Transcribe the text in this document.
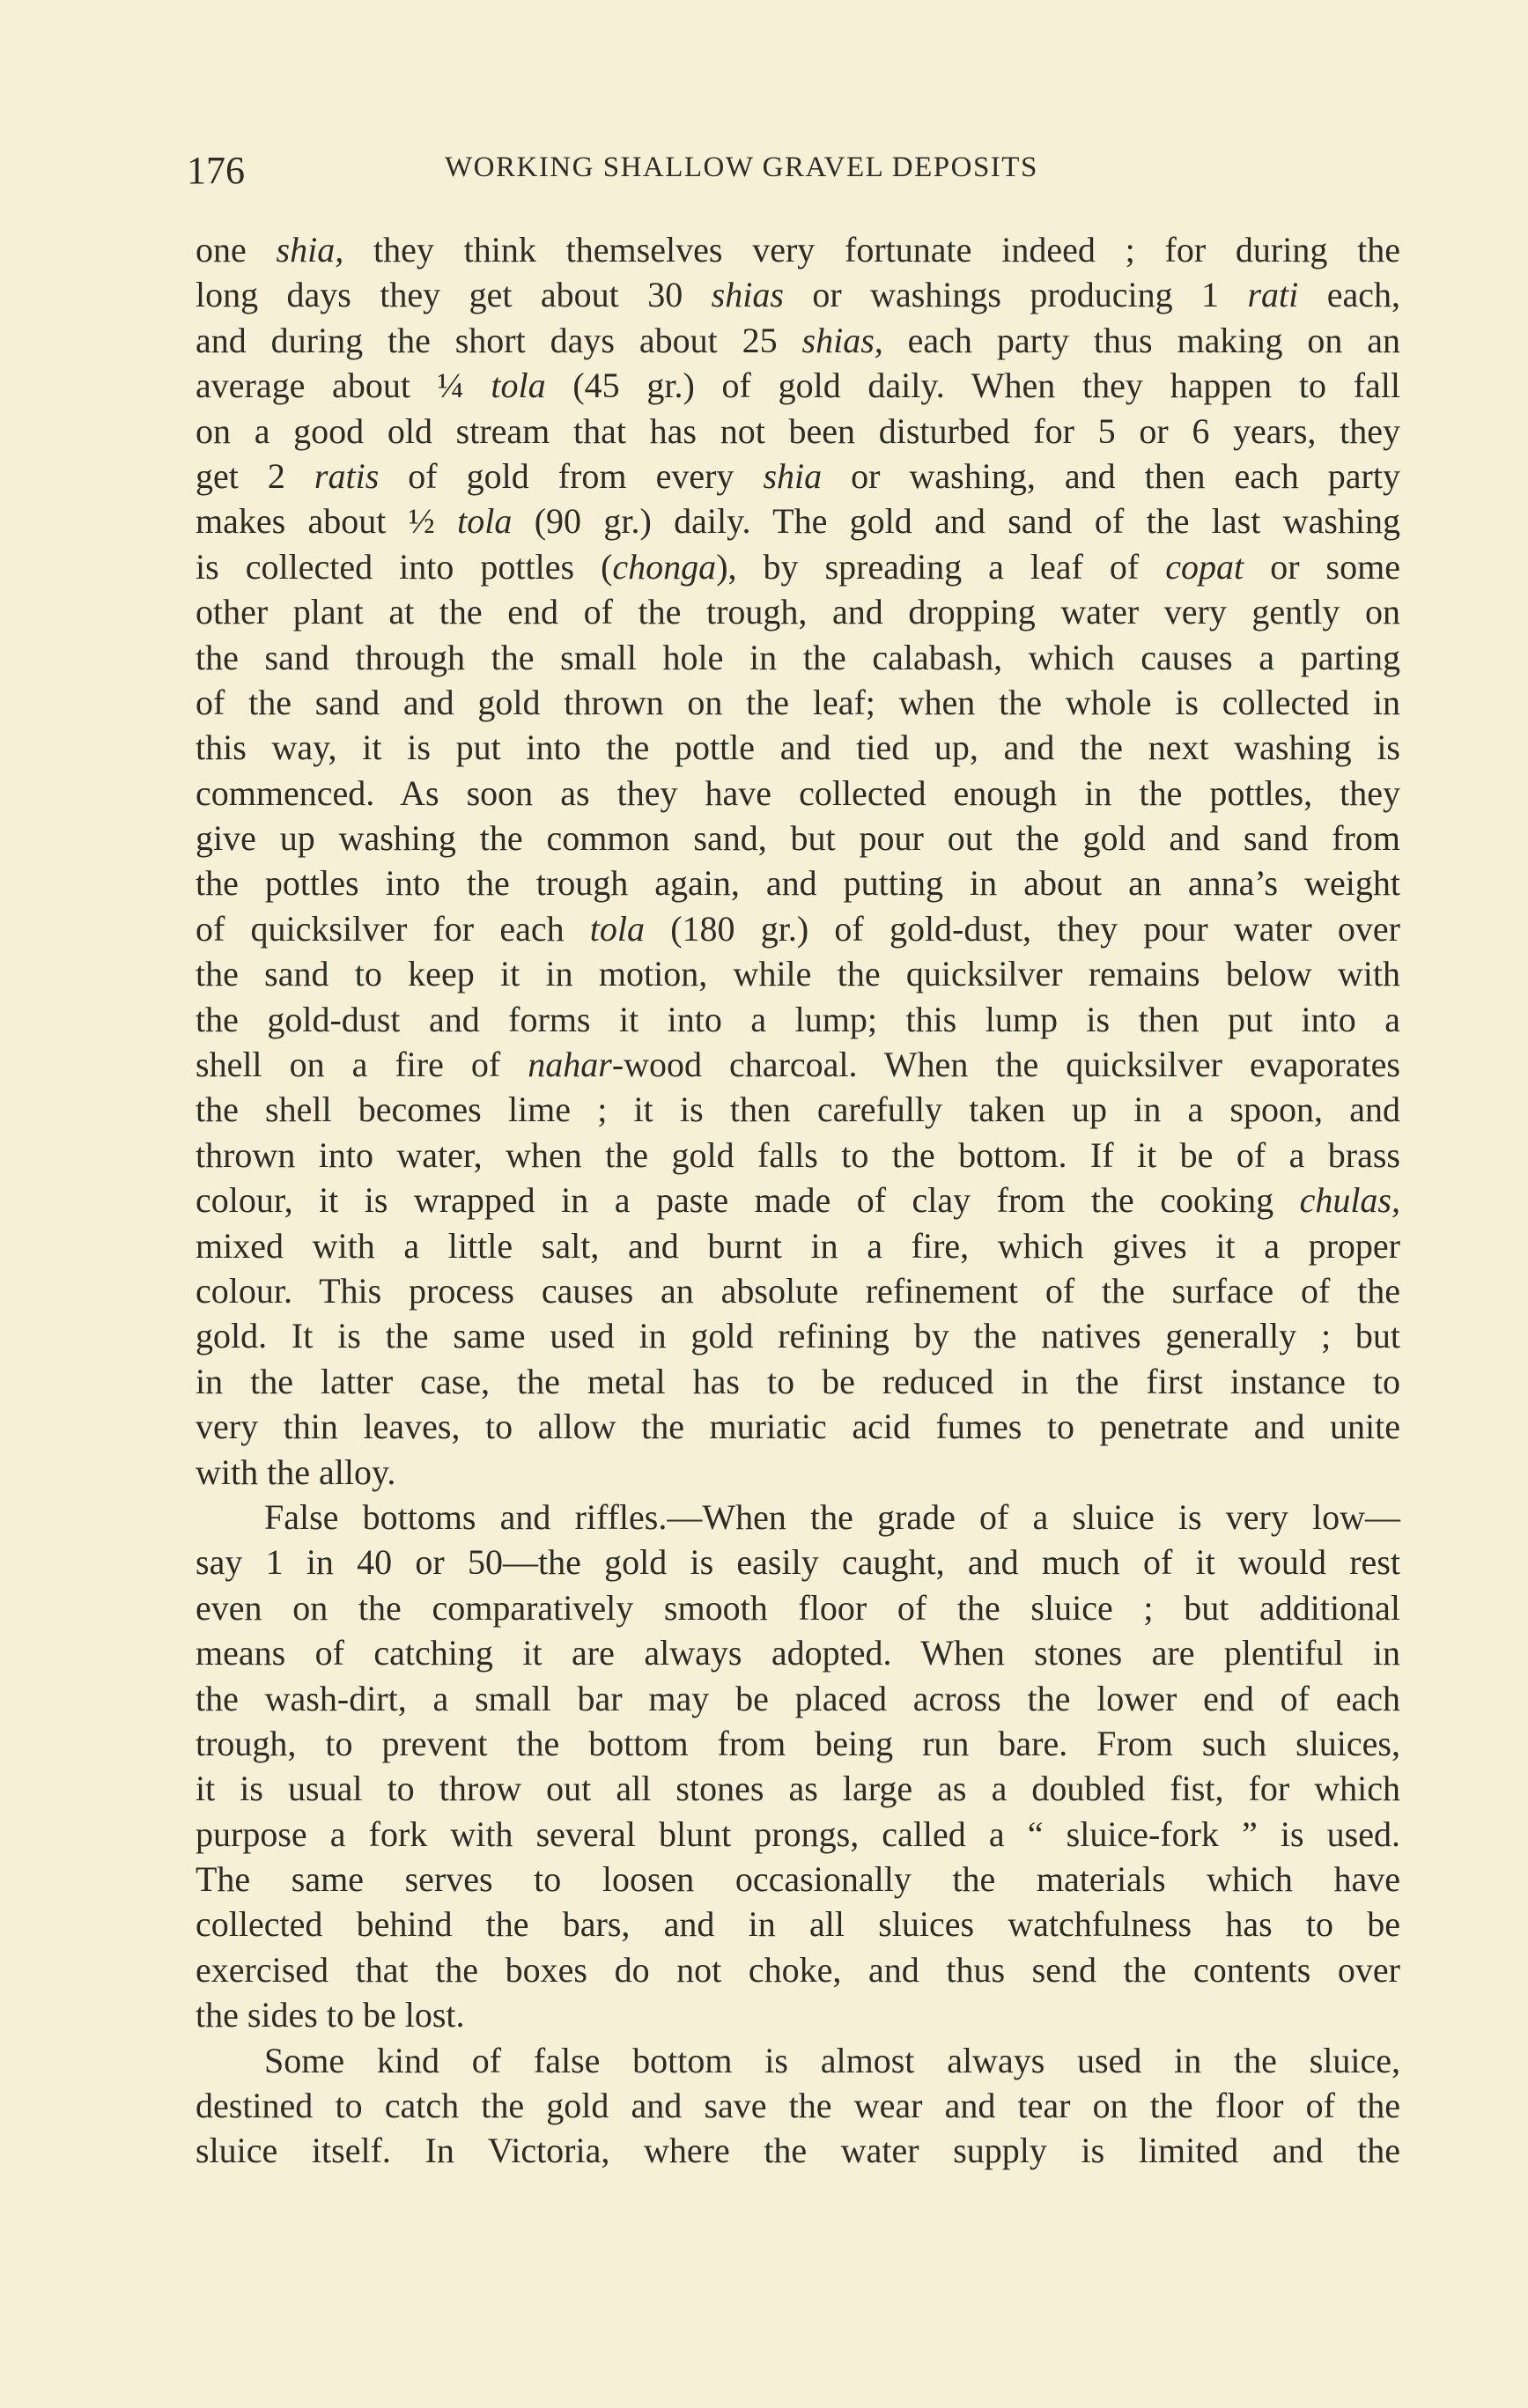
176	WORKING SHALLOW GRAVEL DEPOSITS
one shia, they think themselves very fortunate indeed ; for during the
long days they get about 30 shias or washings producing 1 rati each,
and during the short days about 25 shias, each party thus making on an
average about ¼ tola (45 gr.) of gold daily. When they happen to fall
on a good old stream that has not been disturbed for 5 or 6 years, they
get 2 ratis of gold from every shia or washing, and then each party
makes about ½ tola (90 gr.) daily. The gold and sand of the last washing
is collected into pottles (chonga), by spreading a leaf of copat or some
other plant at the end of the trough, and dropping water very gently on
the sand through the small hole in the calabash, which causes a parting
of the sand and gold thrown on the leaf; when the whole is collected in
this way, it is put into the pottle and tied up, and the next washing is
commenced. As soon as they have collected enough in the pottles, they
give up washing the common sand, but pour out the gold and sand from
the pottles into the trough again, and putting in about an anna’s weight
of quicksilver for each tola (180 gr.) of gold-dust, they pour water over
the sand to keep it in motion, while the quicksilver remains below with
the gold-dust and forms it into a lump; this lump is then put into a
shell on a fire of nahar-wood charcoal. When the quicksilver evaporates
the shell becomes lime ; it is then carefully taken up in a spoon, and
thrown into water, when the gold falls to the bottom. If it be of a brass
colour, it is wrapped in a paste made of clay from the cooking chulas,
mixed with a little salt, and burnt in a fire, which gives it a proper
colour. This process causes an absolute refinement of the surface of the
gold. It is the same used in gold refining by the natives generally ; but
in the latter case, the metal has to be reduced in the first instance to
very thin leaves, to allow the muriatic acid fumes to penetrate and unite
with the alloy.
False bottoms and riffles.—When the grade of a sluice is very low—
say 1 in 40 or 50—the gold is easily caught, and much of it would rest
even on the comparatively smooth floor of the sluice ; but additional
means of catching it are always adopted. When stones are plentiful in
the wash-dirt, a small bar may be placed across the lower end of each
trough, to prevent the bottom from being run bare. From such sluices,
it is usual to throw out all stones as large as a doubled fist, for which
purpose a fork with several blunt prongs, called a “ sluice-fork ” is used.
The same serves to loosen occasionally the materials which have
collected behind the bars, and in all sluices watchfulness has to be
exercised that the boxes do not choke, and thus send the contents over
the sides to be lost.
Some kind of false bottom is almost always used in the sluice,
destined to catch the gold and save the wear and tear on the floor of the
sluice itself. In Victoria, where the water supply is limited and the
